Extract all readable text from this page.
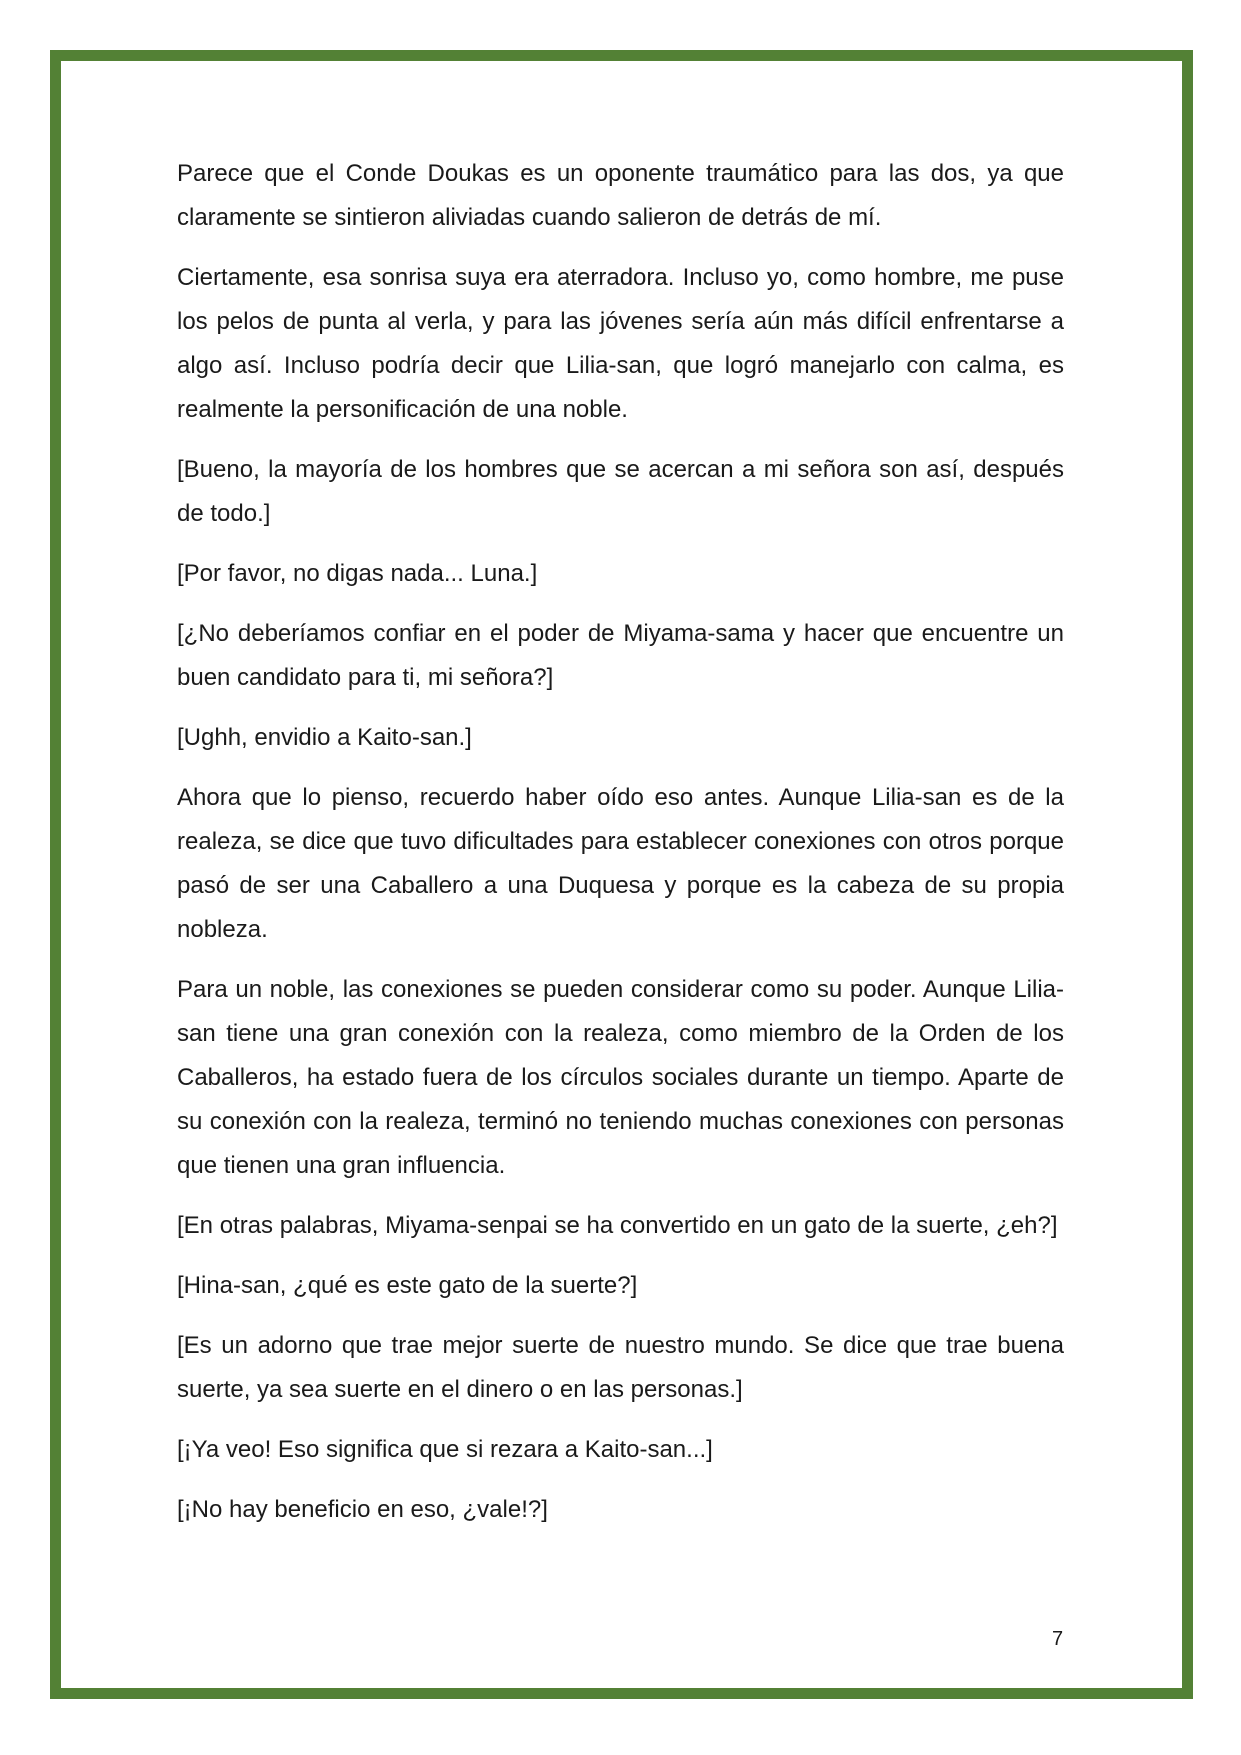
Parece que el Conde Doukas es un oponente traumático para las dos, ya que claramente se sintieron aliviadas cuando salieron de detrás de mí.

Ciertamente, esa sonrisa suya era aterradora. Incluso yo, como hombre, me puse los pelos de punta al verla, y para las jóvenes sería aún más difícil enfrentarse a algo así. Incluso podría decir que Lilia-san, que logró manejarlo con calma, es realmente la personificación de una noble.

[Bueno, la mayoría de los hombres que se acercan a mi señora son así, después de todo.]

[Por favor, no digas nada... Luna.]

[¿No deberíamos confiar en el poder de Miyama-sama y hacer que encuentre un buen candidato para ti, mi señora?]

[Ughh, envidio a Kaito-san.]

Ahora que lo pienso, recuerdo haber oído eso antes. Aunque Lilia-san es de la realeza, se dice que tuvo dificultades para establecer conexiones con otros porque pasó de ser una Caballero a una Duquesa y porque es la cabeza de su propia nobleza.

Para un noble, las conexiones se pueden considerar como su poder. Aunque Lilia-san tiene una gran conexión con la realeza, como miembro de la Orden de los Caballeros, ha estado fuera de los círculos sociales durante un tiempo. Aparte de su conexión con la realeza, terminó no teniendo muchas conexiones con personas que tienen una gran influencia.

[En otras palabras, Miyama-senpai se ha convertido en un gato de la suerte, ¿eh?]

[Hina-san, ¿qué es este gato de la suerte?]

[Es un adorno que trae mejor suerte de nuestro mundo. Se dice que trae buena suerte, ya sea suerte en el dinero o en las personas.]

[¡Ya veo! Eso significa que si rezara a Kaito-san...]

[¡No hay beneficio en eso, ¿vale!?]

7
